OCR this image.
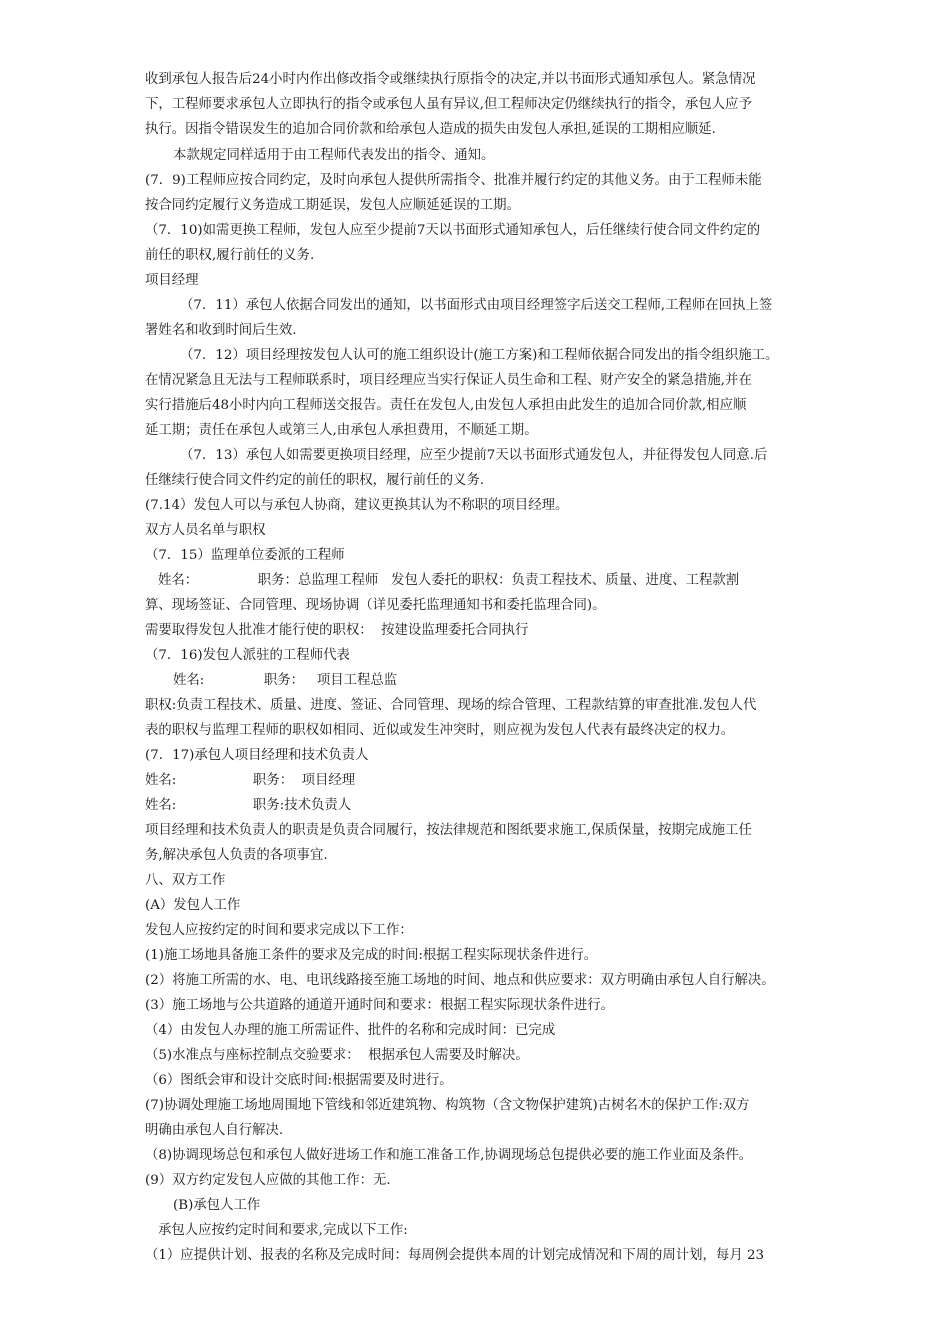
收到承包人报告后24小时内作出修改指令或继续执行原指令的决定,并以书面形式通知承包人。紧急情况
下，工程师要求承包人立即执行的指令或承包人虽有异议,但工程师决定仍继续执行的指令，承包人应予
执行。因指令错误发生的追加合同价款和给承包人造成的损失由发包人承担,延误的工期相应顺延.
本款规定同样适用于由工程师代表发出的指令、通知。
(7．9)工程师应按合同约定，及时向承包人提供所需指令、批准并履行约定的其他义务。由于工程师未能
按合同约定履行义务造成工期延误，发包人应顺延延误的工期。
（7．10)如需更换工程师，发包人应至少提前7天以书面形式通知承包人，后任继续行使合同文件约定的
前任的职权,履行前任的义务.
项目经理
（7．11）承包人依据合同发出的通知，以书面形式由项目经理签字后送交工程师,工程师在回执上签
署姓名和收到时间后生效.
（7．12）项目经理按发包人认可的施工组织设计(施工方案)和工程师依据合同发出的指令组织施工。
在情况紧急且无法与工程师联系时，项目经理应当实行保证人员生命和工程、财产安全的紧急措施,并在
实行措施后48小时内向工程师送交报告。责任在发包人,由发包人承担由此发生的追加合同价款,相应顺
延工期；责任在承包人或第三人,由承包人承担费用，不顺延工期。
（7．13）承包人如需要更换项目经理，应至少提前7天以书面形式通发包人，并征得发包人同意.后
任继续行使合同文件约定的前任的职权，履行前任的义务.
(7.14）发包人可以与承包人协商，建议更换其认为不称职的项目经理。
双方人员名单与职权
（7．15）监理单位委派的工程师
姓名：              职务：总监理工程师   发包人委托的职权：负责工程技术、质量、进度、工程款割
算、现场签证、合同管理、现场协调（详见委托监理通知书和委托监理合同)。
需要取得发包人批准才能行使的职权：  按建设监理委托合同执行
（7．16)发包人派驻的工程师代表
姓名:              职务：   项目工程总监
职权:负责工程技术、质量、进度、签证、合同管理、现场的综合管理、工程款结算的审查批准.发包人代
表的职权与监理工程师的职权如相同、近似或发生冲突时，则应视为发包人代表有最终决定的权力。
(7．17)承包人项目经理和技术负责人
姓名:                  职务：  项目经理
姓名:                  职务:技术负责人
项目经理和技术负责人的职责是负责合同履行，按法律规范和图纸要求施工,保质保量，按期完成施工任
务,解决承包人负责的各项事宜.
八、双方工作
(A）发包人工作
发包人应按约定的时间和要求完成以下工作：
(1)施工场地具备施工条件的要求及完成的时间:根据工程实际现状条件进行。
(2）将施工所需的水、电、电讯线路接至施工场地的时间、地点和供应要求：双方明确由承包人自行解决。
(3）施工场地与公共道路的通道开通时间和要求：根据工程实际现状条件进行。
（4）由发包人办理的施工所需证件、批件的名称和完成时间：已完成
（5)水准点与座标控制点交验要求：  根据承包人需要及时解决。
（6）图纸会审和设计交底时间:根据需要及时进行。
(7)协调处理施工场地周围地下管线和邻近建筑物、构筑物（含文物保护建筑)古树名木的保护工作:双方
明确由承包人自行解决.
（8)协调现场总包和承包人做好进场工作和施工准备工作,协调现场总包提供必要的施工作业面及条件。
(9）双方约定发包人应做的其他工作：无.
(B)承包人工作
承包人应按约定时间和要求,完成以下工作:
（1）应提供计划、报表的名称及完成时间：每周例会提供本周的计划完成情况和下周的周计划，每月 23
